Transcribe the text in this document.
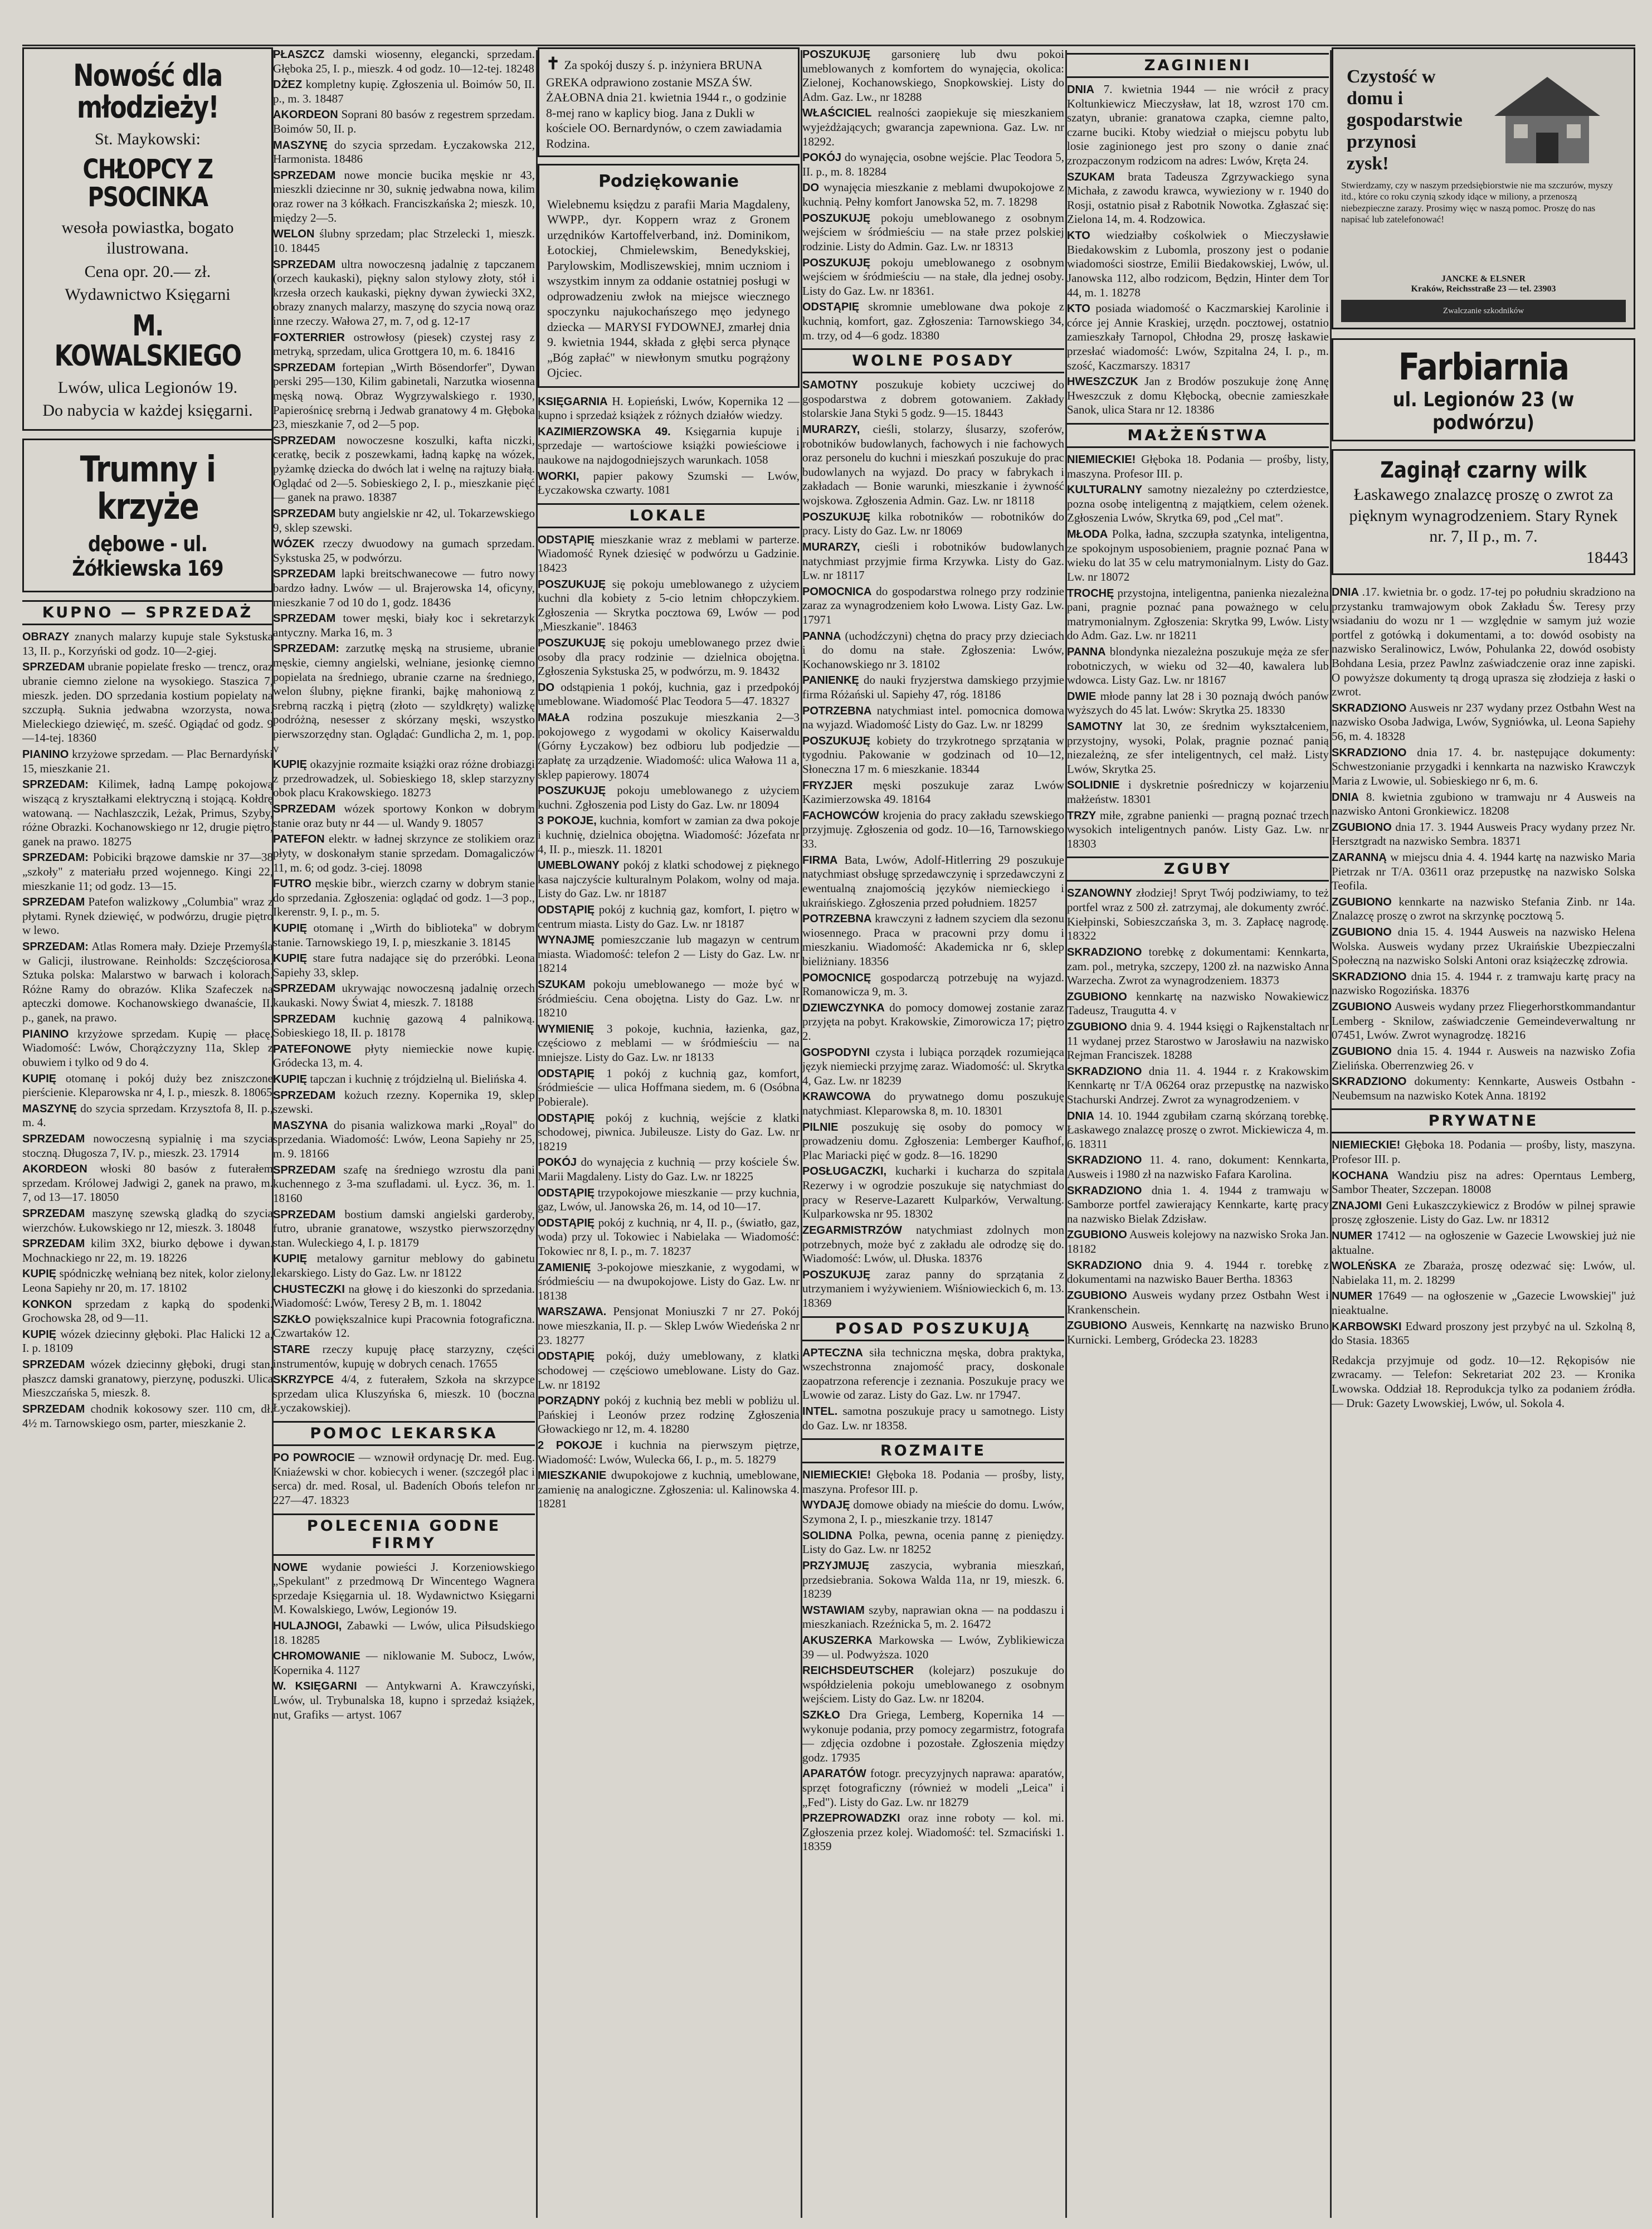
Nowość dla młodzieży!
St. Maykowski:
CHŁOPCY Z PSOCINKA
wesoła powiastka, bogato ilustrowana.
Cena opr. 20.— zł.
Wydawnictwo Księgarni
M. KOWALSKIEGO
Lwów, ulica Legionów 19.
Do nabycia w każdej księgarni.
Trumny i krzyże
dębowe - ul. Żółkiewska 169
KUPNO — SPRZEDAŻ

OBRAZY znanych malarzy kupuje stale Sykstuska 13, II. p., Korzyński od godz. 10—2-giej.

SPRZEDAM ubranie popielate fresko — trencz, oraz ubranie ciemno zielone na wysokiego. Staszica 7, mieszk. jeden. DO sprzedania kostium popielaty na szczupłą. Suknia jedwabna wzorzysta, nowa. Mieleckiego dziewięć, m. sześć. Ogiądać od godz. 9—14-tej. 18360

PIANINO krzyżowe sprzedam. — Plac Bernardyński 15, mieszkanie 21.

SPRZEDAM: Kilimek, ładną Lampę pokojową wiszącą z kryształkami elektryczną i stojącą. Kołdrę watowaną. — Nachlaszczik, Leżak, Primus, Szyby, różne Obrazki. Kochanowskiego nr 12, drugie piętro, ganek na prawo. 18275

SPRZEDAM: Pobiciki brązowe damskie nr 37—38 „szkoły" z materiału przed wojennego. Kingi 22, mieszkanie 11; od godz. 13—15.

SPRZEDAM Patefon walizkowy „Columbia" wraz z płytami. Rynek dziewięć, w podwórzu, drugie piętro w lewo.

SPRZEDAM: Atlas Romera mały. Dzieje Przemyśla w Galicji, ilustrowane. Reinholds: Szczęściorosa. Sztuka polska: Malarstwo w barwach i kolorach. Różne Ramy do obrazów. Klika Szafeczek na apteczki domowe. Kochanowskiego dwanaście, II. p., ganek, na prawo.

PIANINO krzyżowe sprzedam. Kupię — płacę. Wiadomość: Lwów, Chorążczyzny 11a, Sklep z obuwiem i tylko od 9 do 4.

KUPIĘ otomanę i pokój duży bez zniszczone pierścienie. Kleparowska nr 4, I. p., mieszk. 8. 18065

MASZYNĘ do szycia sprzedam. Krzysztofa 8, II. p., m. 4.

SPRZEDAM nowoczesną sypialnię i ma szycia stoczną. Długosza 7, IV. p., mieszk. 23. 17914

AKORDEON włoski 80 basów z futerałem sprzedam. Królowej Jadwigi 2, ganek na prawo, m. 7, od 13—17. 18050

SPRZEDAM maszynę szewską gladką do szycia wierzchów. Łukowskiego nr 12, mieszk. 3. 18048

SPRZEDAM kilim 3X2, biurko dębowe i dywan. Mochnackiego nr 22, m. 19. 18226

KUPIĘ spódniczkę wełnianą bez nitek, kolor zielony. Leona Sapiehy nr 20, m. 17. 18102

KONKON sprzedam z kapką do spodenki. Grochowska 28, od 9—11.

KUPIĘ wózek dziecinny głęboki. Plac Halicki 12 a, I. p. 18109

SPRZEDAM wózek dziecinny głęboki, drugi stan, płaszcz damski granatowy, pierzynę, poduszki. Ulica Mieszczańska 5, mieszk. 8.

SPRZEDAM chodnik kokosowy szer. 110 cm, dł. 4½ m. Tarnowskiego osm, parter, mieszkanie 2.

PŁASZCZ damski wiosenny, elegancki, sprzedam. Głęboka 25, I. p., mieszk. 4 od godz. 10—12-tej. 18248

DŻEZ kompletny kupię. Zgłoszenia ul. Boimów 50, II. p., m. 3. 18487

AKORDEON Soprani 80 basów z regestrem sprzedam. Boimów 50, II. p.

MASZYNĘ do szycia sprzedam. Łyczakowska 212, Harmonista. 18486

SPRZEDAM nowe moncie bucika męskie nr 43, mieszkli dziecinne nr 30, suknię jedwabna nowa, kilim oraz rower na 3 kółkach. Franciszkańska 2; mieszk. 10, między 2—5.

WELON ślubny sprzedam; plac Strzelecki 1, mieszk. 10. 18445

SPRZEDAM ultra nowoczesną jadalnię z tapczanem (orzech kaukaski), piękny salon stylowy złoty, stół i krzesła orzech kaukaski, piękny dywan żywiecki 3X2, obrazy znanych malarzy, maszynę do szycia nową oraz inne rzeczy. Wałowa 27, m. 7, od g. 12-17

FOXTERRIER ostrowłosy (piesek) czystej rasy z metryką, sprzedam, ulica Grottgera 10, m. 6. 18416

SPRZEDAM fortepian „Wirth Bösendorfer", Dywan perski 295—130, Kilim gabinetali, Narzutka wiosenna męską nową. Obraz Wygrzywalskiego r. 1930, Papierośnicę srebrną i Jedwab granatowy 4 m. Głęboka 23, mieszkanie 7, od 2—5 pop.

SPRZEDAM nowoczesne koszulki, kafta niczki, ceratkę, becik z poszewkami, ładną kapkę na wózek, pyżamkę dziecka do dwóch lat i welnę na rajtuzy białą. Oglądać od 2—5. Sobieskiego 2, I. p., mieszkanie pięć — ganek na prawo. 18387

SPRZEDAM buty angielskie nr 42, ul. Tokarzewskiego 9, sklep szewski.

WÓZEK rzeczy dwuodowy na gumach sprzedam. Sykstuska 25, w podwórzu.

SPRZEDAM lapki breitschwanecowe — futro nowy bardzo ładny. Lwów — ul. Brajerowska 14, oficyny, mieszkanie 7 od 10 do 1, godz. 18436

SPRZEDAM tower męski, biały koc i sekretarzyk antyczny. Marka 16, m. 3

SPRZEDAM: zarzutkę męską na strusieme, ubranie męskie, ciemny angielski, welniane, jesionkę ciemno popielata na średniego, ubranie czarne na średniego, welon ślubny, piękne firanki, bajkę mahoniową z srebrną raczką i piętrą (złoto — szyldkręty) walizkę podróżną, nesesser z skórzany męski, wszystko pierwszorzędny stan. Oglądać: Gundlicha 2, m. 1, pop. v

KUPIĘ okazyjnie rozmaite książki oraz różne drobiazgi z przedrowadzek, ul. Sobieskiego 18, sklep starzyzny obok placu Krakowskiego. 18273

SPRZEDAM wózek sportowy Konkon w dobrym stanie oraz buty nr 44 — ul. Wandy 9. 18057

PATEFON elektr. w ładnej skrzynce ze stolikiem oraz płyty, w doskonałym stanie sprzedam. Domagaliczów 11, m. 6; od godz. 3-ciej. 18098

FUTRO męskie bibr., wierzch czarny w dobrym stanie do sprzedania. Zgłoszenia: oglądać od godz. 1—3 pop., Ikerenstr. 9, I. p., m. 5.

KUPIĘ otomanę i „Wirth do biblioteka" w dobrym stanie. Tarnowskiego 19, I. p, mieszkanie 3. 18145

KUPIĘ stare futra nadające się do przeróbki. Leona Sapiehy 33, sklep.

SPRZEDAM ukrywając nowoczesną jadalnię orzech kaukaski. Nowy Świat 4, mieszk. 7. 18188

SPRZEDAM kuchnię gazową 4 palnikową. Sobieskiego 18, II. p. 18178

PATEFONOWE płyty niemieckie nowe kupię. Gródecka 13, m. 4.

KUPIĘ tapczan i kuchnię z trójdzielną ul. Bielińska 4.

SPRZEDAM kożuch rzezny. Kopernika 19, sklep szewski.

MASZYNA do pisania walizkowa marki „Royal" do sprzedania. Wiadomość: Lwów, Leona Sapiehy nr 25, m. 9. 18166

SPRZEDAM szafę na średniego wzrostu dla pani kuchennego z 3-ma szufladami. ul. Łycz. 36, m. 1. 18160

SPRZEDAM bostium damski angielski garderoby, futro, ubranie granatowe, wszystko pierwszorzędny stan. Wuleckiego 4, I. p. 18179

KUPIĘ metalowy garnitur meblowy do gabinetu lekarskiego. Listy do Gaz. Lw. nr 18122

CHUSTECZKI na głowę i do kieszonki do sprzedania. Wiadomość: Lwów, Teresy 2 B, m. 1. 18042

SZKŁO powiększalnice kupi Pracownia fotograficzna. Czwartaków 12.

STARE rzeczy kupuję płacę starzyzny, części instrumentów, kupuję w dobrych cenach. 17655

SKRZYPCE 4/4, z futerałem, Szkoła na skrzypce sprzedam ulica Kluszyńska 6, mieszk. 10 (boczna Łyczakowskiej).

POMOC LEKARSKA

PO POWROCIE — wznowił ordynację Dr. med. Eug. Kniaźewski w chor. kobiecych i wener. (szczegół plac i serca) dr. med. Rosal, ul. Badeních Obońs telefon nr 227—47. 18323

POLECENIA GODNE FIRMY

NOWE wydanie powieści J. Korzeniowskiego „Spekulant" z przedmową Dr Wincentego Wagnera sprzedaje Księgarnia ul. 18. Wydawnictwo Księgarni M. Kowalskiego, Lwów, Legionów 19.

HULAJNOGI, Zabawki — Lwów, ulica Piłsudskiego 18. 18285

CHROMOWANIE — niklowanie M. Subocz, Lwów, Kopernika 4. 1127

W. KSIĘGARNI — Antykwarni A. Krawczyński, Lwów, ul. Trybunalska 18, kupno i sprzedaż książek, nut, Grafiks — artyst. 1067

✝ Za spokój duszy ś. p. inżyniera BRUNA GREKA odprawiono zostanie MSZA ŚW. ŻAŁOBNA dnia 21. kwietnia 1944 r., o godzinie 8-mej rano w kaplicy biog. Jana z Dukli w kościele OO. Bernardynów, o czem zawiadamia Rodzina.
Podziękowanie
Wielebnemu księdzu z parafii Maria Magdaleny, WWPP., dyr. Koppern wraz z Gronem urzędników Kartoffelverband, inż. Dominikom, Łotockiej, Chmielewskim, Benedykskiej, Parylowskim, Modliszewskiej, mnim uczniom i wszystkim innym za oddanie ostatniej posługi w odprowadzeniu zwłok na miejsce wiecznego spoczynku najukochańszego męo jedynego dziecka — MARYSI FYDOWNEJ, zmarłej dnia 9. kwietnia 1944, składa z głębi serca płynące „Bóg zapłać" w niewłonym smutku pogrążony Ojciec.

KSIĘGARNIA H. Łopieński, Lwów, Kopernika 12 — kupno i sprzedaż książek z różnych działów wiedzy.

KAZIMIERZOWSKA 49. Księgarnia kupuje i sprzedaje — wartościowe książki powieściowe i naukowe na najdogodniejszych warunkach. 1058

WORKI, papier pakowy Szumski — Lwów, Łyczakowska czwarty. 1081

LOKALE

ODSTĄPIĘ mieszkanie wraz z meblami w parterze. Wiadomość Rynek dziesięć w podwórzu u Gadzinie. 18423

POSZUKUJĘ się pokoju umeblowanego z użyciem kuchni dla kobiety z 5-cio letnim chłopczykiem. Zgłoszenia — Skrytka pocztowa 69, Lwów — pod „Mieszkanie". 18463

POSZUKUJĘ się pokoju umeblowanego przez dwie osoby dla pracy rodzinie — dzielnica obojętna. Zgłoszenia Sykstuska 25, w podwórzu, m. 9. 18432

DO odstąpienia 1 pokój, kuchnia, gaz i przedpokój umeblowane. Wiadomość Plac Teodora 5—47. 18327

MAŁA rodzina poszukuje mieszkania 2—3 pokojowego z wygodami w okolicy Kaiserwaldu (Górny Łyczakow) bez odbioru lub podjedzie — zapłatę za urządzenie. Wiadomość: ulica Wałowa 11 a, sklep papierowy. 18074

POSZUKUJĘ pokoju umeblowanego z użyciem kuchni. Zgłoszenia pod Listy do Gaz. Lw. nr 18094

3 POKOJE, kuchnia, komfort w zamian za dwa pokoje i kuchnię, dzielnica obojętna. Wiadomość: Józefata nr 4, II. p., mieszk. 11. 18201

UMEBLOWANY pokój z klatki schodowej z pięknego kasa najczyście kulturalnym Polakom, wolny od maja. Listy do Gaz. Lw. nr 18187

ODSTĄPIĘ pokój z kuchnią gaz, komfort, I. piętro w centrum miasta. Listy do Gaz. Lw. nr 18187

WYNAJMĘ pomieszczanie lub magazyn w centrum miasta. Wiadomość: telefon 2 — Listy do Gaz. Lw. nr 18214

SZUKAM pokoju umeblowanego — może być w śródmieściu. Cena obojętna. Listy do Gaz. Lw. nr 18210

WYMIENIĘ 3 pokoje, kuchnia, łazienka, gaz, częściowo z meblami — w śródmieściu — na mniejsze. Listy do Gaz. Lw. nr 18133

ODSTĄPIĘ 1 pokój z kuchnią gaz, komfort, śródmieście — ulica Hoffmana siedem, m. 6 (Osóbna Pobierale).

ODSTĄPIĘ pokój z kuchnią, wejście z klatki schodowej, piwnica. Jubileusze. Listy do Gaz. Lw. nr 18219

POKÓJ do wynajęcia z kuchnią — przy kościele Św. Marii Magdaleny. Listy do Gaz. Lw. nr 18225

ODSTĄPIĘ trzypokojowe mieszkanie — przy kuchnia, gaz, Lwów, ul. Janowska 26, m. 14, od 10—17.

ODSTĄPIĘ pokój z kuchnią, nr 4, II. p., (światło, gaz, woda) przy ul. Tokowiec i Nabielaka — Wiadomość: Tokowiec nr 8, I. p., m. 7. 18237

ZAMIENIĘ 3-pokojowe mieszkanie, z wygodami, w śródmieściu — na dwupokojowe. Listy do Gaz. Lw. nr 18138

WARSZAWA. Pensjonat Moniuszki 7 nr 27. Pokój nowe mieszkania, II. p. — Sklep Lwów Wiedeńska 2 nr 23. 18277

ODSTĄPIĘ pokój, duży umeblowany, z klatki schodowej — częściowo umeblowane. Listy do Gaz. Lw. nr 18192

PORZĄDNY pokój z kuchnią bez mebli w pobliżu ul. Pańskiej i Leonów przez rodzinę Zgłoszenia Głowackiego nr 12, m. 4. 18280

2 POKOJE i kuchnia na pierwszym piętrze, Wiadomość: Lwów, Wulecka 66, I. p., m. 5. 18279

MIESZKANIE dwupokojowe z kuchnią, umeblowane, zamienię na analogiczne. Zgłoszenia: ul. Kalinowska 4. 18281

POSZUKUJĘ garsonierę lub dwu pokoi umeblowanych z komfortem do wynajęcia, okolica: Zielonej, Kochanowskiego, Snopkowskiej. Listy do Adm. Gaz. Lw., nr 18288

WŁAŚCICIEL realności zaopiekuje się mieszkaniem wyjeżdżających; gwarancja zapewniona. Gaz. Lw. nr 18292.

POKÓJ do wynajęcia, osobne wejście. Plac Teodora 5, II. p., m. 8. 18284

DO wynajęcia mieszkanie z meblami dwupokojowe z kuchnią. Pełny komfort Janowska 52, m. 7. 18298

POSZUKUJĘ pokoju umeblowanego z osobnym wejściem w śródmieściu — na stałe przez polskiej rodzinie. Listy do Admin. Gaz. Lw. nr 18313

POSZUKUJĘ pokoju umeblowanego z osobnym wejściem w śródmieściu — na stałe, dla jednej osoby. Listy do Gaz. Lw. nr 18361.

ODSTĄPIĘ skromnie umeblowane dwa pokoje z kuchnią, komfort, gaz. Zgłoszenia: Tarnowskiego 34, m. trzy, od 4—6 godz. 18380

WOLNE POSADY

SAMOTNY poszukuje kobiety uczciwej do gospodarstwa z dobrem gotowaniem. Zakłady stolarskie Jana Styki 5 godz. 9—15. 18443

MURARZY, cieśli, stolarzy, ślusarzy, szoferów, robotników budowlanych, fachowych i nie fachowych oraz personelu do kuchni i mieszkań poszukuje do prac budowlanych na wyjazd. Do pracy w fabrykach i zakładach — Bonie warunki, mieszkanie i żywność wojskowa. Zgłoszenia Admin. Gaz. Lw. nr 18118

POSZUKUJĘ kilka robotników — robotników do pracy. Listy do Gaz. Lw. nr 18069

MURARZY, cieśli i robotników budowlanych natychmiast przyjmie firma Krzywka. Listy do Gaz. Lw. nr 18117

POMOCNICA do gospodarstwa rolnego przy rodzinie zaraz za wynagrodzeniem koło Lwowa. Listy Gaz. Lw. 17971

PANNA (uchodźczyni) chętna do pracy przy dzieciach i do domu na stałe. Zgłoszenia: Lwów, Kochanowskiego nr 3. 18102

PANIENKĘ do nauki fryzjerstwa damskiego przyjmie firma Różański ul. Sapiehy 47, róg. 18186

POTRZEBNA natychmiast intel. pomocnica domowa na wyjazd. Wiadomość Listy do Gaz. Lw. nr 18299

POSZUKUJĘ kobiety do trzykrotnego sprzątania w tygodniu. Pakowanie w godzinach od 10—12, Słoneczna 17 m. 6 mieszkanie. 18344

FRYZJER męski poszukuje zaraz Lwów Kazimierzowska 49. 18164

FACHOWCÓW krojenia do pracy zakładu szewskiego przyjmuję. Zgłoszenia od godz. 10—16, Tarnowskiego 33.

FIRMA Bata, Lwów, Adolf-Hitlerring 29 poszukuje natychmiast obsługę sprzedawczynię i sprzedawczyni z ewentualną znajomością języków niemieckiego i ukraińskiego. Zgłoszenia przed południem. 18257

POTRZEBNA krawczyni z ładnem szyciem dla sezonu wiosennego. Praca w pracowni przy domu i mieszkaniu. Wiadomość: Akademicka nr 6, sklep bieliżniany. 18356

POMOCNICĘ gospodarczą potrzebuję na wyjazd. Romanowicza 9, m. 3.

DZIEWCZYNKA do pomocy domowej zostanie zaraz przyjęta na pobyt. Krakowskie, Zimorowicza 17; piętro 2.

GOSPODYNI czysta i lubiąca porządek rozumiejąca język niemiecki przyjmę zaraz. Wiadomość: ul. Skrytka 4, Gaz. Lw. nr 18239

KRAWCOWA do prywatnego domu poszukuję natychmiast. Kleparowska 8, m. 10. 18301

PILNIE poszukuję się osoby do pomocy w prowadzeniu domu. Zgłoszenia: Lemberger Kaufhof, Plac Mariacki pięć w godz. 8—16. 18290

POSŁUGACZKI, kucharki i kucharza do szpitala Rezerwy i w ogrodzie poszukuje się natychmiast do pracy w Reserve-Lazarett Kulparków, Verwaltung. Kulparkowska nr 95. 18302

ZEGARMISTRZÓW natychmiast zdolnych mon potrzebnych, może być z zakładu ale odrodzę się do. Wiadomość: Lwów, ul. Dłuska. 18376

POSZUKUJĘ zaraz panny do sprzątania z utrzymaniem i wyżywieniem. Wiśniowieckich 6, m. 13. 18369

POSAD POSZUKUJĄ

APTECZNA siła techniczna męska, dobra praktyka, wszechstronna znajomość pracy, doskonale zaopatrzona referencje i zeznania. Poszukuje pracy we Lwowie od zaraz. Listy do Gaz. Lw. nr 17947.

INTEL. samotna poszukuje pracy u samotnego. Listy do Gaz. Lw. nr 18358.

ROZMAITE

NIEMIECKIE! Głęboka 18. Podania — prośby, listy, maszyna. Profesor III. p.

WYDAJĘ domowe obiady na mieście do domu. Lwów, Szymona 2, I. p., mieszkanie trzy. 18147

SOLIDNA Polka, pewna, ocenia pannę z pieniędzy. Listy do Gaz. Lw. nr 18252

PRZYJMUJĘ zaszycia, wybrania mieszkań, przedsiebrania. Sokowa Walda 11a, nr 19, mieszk. 6. 18239

WSTAWIAM szyby, naprawian okna — na poddaszu i mieszkaniach. Rzeźnicka 5, m. 2. 16472

AKUSZERKA Markowska — Lwów, Zyblikiewicza 39 — ul. Podwyższa. 1020

REICHSDEUTSCHER (kolejarz) poszukuje do współdzielenia pokoju umeblowanego z osobnym wejściem. Listy do Gaz. Lw. nr 18204.

SZKŁO Dra Griega, Lemberg, Kopernika 14 — wykonuje podania, przy pomocy zegarmistrz, fotografa — zdjęcia ozdobne i pozostałe. Zgłoszenia między godz. 17935

APARATÓW fotogr. precyzyjnych naprawa: aparatów, sprzęt fotograficzny (również w modeli „Leica" i „Fed"). Listy do Gaz. Lw. nr 18279

PRZEPROWADZKI oraz inne roboty — kol. mi. Zgłoszenia przez kolej. Wiadomość: tel. Szmaciński 1. 18359

ZAGINIENI

DNIA 7. kwietnia 1944 — nie wrócił z pracy Koltunkiewicz Mieczysław, lat 18, wzrost 170 cm. szatyn, ubranie: granatowa czapka, ciemne palto, czarne buciki. Ktoby wiedział o miejscu pobytu lub losie zaginionego jest pro szony o danie znać zrozpaczonym rodzicom na adres: Lwów, Kręta 24.

SZUKAM brata Tadeusza Zgrzywackiego syna Michała, z zawodu krawca, wywieziony w r. 1940 do Rosji, ostatnio pisał z Rabotnik Nowotka. Zgłaszać się: Zielona 14, m. 4. Rodzowica.

KTO wiedziałby cośkolwiek o Mieczysławie Biedakowskim z Lubomla, proszony jest o podanie wiadomości siostrze, Emilii Biedakowskiej, Lwów, ul. Janowska 112, albo rodzicom, Będzin, Hinter dem Tor 44, m. 1. 18278

KTO posiada wiadomość o Kaczmarskiej Karolinie i córce jej Annie Kraskiej, urzędn. pocztowej, ostatnio zamieszkały Tarnopol, Chłodna 29, proszę łaskawie przesłać wiadomość: Lwów, Szpitalna 24, I. p., m. szość, Kaczmarszy. 18317

HWESZCZUK Jan z Brodów poszukuje żonę Annę Hweszczuk z domu Kłębocką, obecnie zamieszkałe Sanok, ulica Stara nr 12. 18386

MAŁŻEŃSTWA

NIEMIECKIE! Głęboka 18. Podania — prośby, listy, maszyna. Profesor III. p.

KULTURALNY samotny niezależny po czterdziestce, pozna osobę inteligentną z majątkiem, celem ożenek. Zgłoszenia Lwów, Skrytka 69, pod „Cel mat".

MŁODA Polka, ładna, szczupła szatynka, inteligentna, ze spokojnym usposobieniem, pragnie poznać Pana w wieku do lat 35 w celu matrymonialnym. Listy do Gaz. Lw. nr 18072

TROCHĘ przystojna, inteligentna, panienka niezależna pani, pragnie poznać pana poważnego w celu matrymonialnym. Zgłoszenia: Skrytka 99, Lwów. Listy do Adm. Gaz. Lw. nr 18211

PANNA blondynka niezależna poszukuje męża ze sfer robotniczych, w wieku od 32—40, kawalera lub wdowca. Listy Gaz. Lw. nr 18167

DWIE młode panny lat 28 i 30 poznają dwóch panów wyższych do 45 lat. Lwów: Skrytka 25. 18330

SAMOTNY lat 30, ze średnim wykształceniem, przystojny, wysoki, Polak, pragnie poznać panią niezależną, ze sfer inteligentnych, cel małż. Listy Lwów, Skrytka 25.

SOLIDNIE i dyskretnie pośredniczy w kojarzeniu małżeństw. 18301

TRZY miłe, zgrabne panienki — pragną poznać trzech wysokich inteligentnych panów. Listy Gaz. Lw. nr 18303

ZGUBY

SZANOWNY złodziej! Spryt Twój podziwiamy, to też portfel wraz z 500 zł. zatrzymaj, ale dokumenty zwróć. Kiełpinski, Sobieszczańska 3, m. 3. Zapłacę nagrodę. 18322

SKRADZIONO torebkę z dokumentami: Kennkarta, zam. pol., metryka, szczepy, 1200 zł. na nazwisko Anna Warzecha. Zwrot za wynagrodzeniem. 18373

ZGUBIONO kennkartę na nazwisko Nowakiewicz Tadeusz, Traugutta 4. v

ZGUBIONO dnia 9. 4. 1944 księgi o Rajkenstaltach nr 11 wydanej przez Starostwo w Jarosławiu na nazwisko Rejman Franciszek. 18288

SKRADZIONO dnia 11. 4. 1944 r. z Krakowskim Kennkartę nr T/A 06264 oraz przepustkę na nazwisko Stachurski Andrzej. Zwrot za wynagrodzeniem. v

DNIA 14. 10. 1944 zgubiłam czarną skórzaną torebkę. Łaskawego znalazcę proszę o zwrot. Mickiewicza 4, m. 6. 18311

SKRADZIONO 11. 4. rano, dokument: Kennkarta, Ausweis i 1980 zł na nazwisko Fafara Karolina.

SKRADZIONO dnia 1. 4. 1944 z tramwaju w Samborze portfel zawierający Kennkarte, kartę pracy na nazwisko Bielak Zdzisław.

ZGUBIONO Ausweis kolejowy na nazwisko Sroka Jan. 18182

SKRADZIONO dnia 9. 4. 1944 r. torebkę z dokumentami na nazwisko Bauer Bertha. 18363

ZGUBIONO Ausweis wydany przez Ostbahn West i Krankenschein.

ZGUBIONO Ausweis, Kennkartę na nazwisko Bruno Kurnicki. Lemberg, Gródecka 23. 18283

Czystość w domu i gospodarstwie przynosi zysk!
Stwierdzamy, czy w naszym przedsiębiorstwie nie ma szczurów, myszy itd., które co roku czynią szkody idące w miliony, a przenoszą niebezpieczne zarazy. Prosimy więc w naszą pomoc. Proszę do nas napisać lub zatelefonować!
JANCKE & ELSNER
Kraków, Reichsstraße 23 — tel. 23903
Zwalczanie szkodników
Farbiarnia
ul. Legionów 23 (w podwórzu)
Zaginął czarny wilk
Łaskawego znalazcę proszę o zwrot za pięknym wynagrodzeniem. Stary Rynek nr. 7, II p., m. 7.
18443

DNIA .17. kwietnia br. o godz. 17-tej po południu skradziono na przystanku tramwajowym obok Zakładu Św. Teresy przy wsiadaniu do wozu nr 1 — względnie w samym już wozie portfel z gotówką i dokumentami, a to: dowód osobisty na nazwisko Seralinowicz, Lwów, Pohulanka 22, dowód osobisty Bohdana Lesia, przez Pawlnz zaświadczenie oraz inne zapiski. O powyższe dokumenty tą drogą uprasza się złodzieja z łaski o zwrot.

SKRADZIONO Ausweis nr 237 wydany przez Ostbahn West na nazwisko Osoba Jadwiga, Lwów, Sygniówka, ul. Leona Sapiehy 56, m. 4. 18328

SKRADZIONO dnia 17. 4. br. następujące dokumenty: Schwestzonianie przygadki i kennkarta na nazwisko Krawczyk Maria z Lwowie, ul. Sobieskiego nr 6, m. 6.

DNIA 8. kwietnia zgubiono w tramwaju nr 4 Ausweis na nazwisko Antoni Gronkiewicz. 18208

ZGUBIONO dnia 17. 3. 1944 Ausweis Pracy wydany przez Nr. Hersztgradt na nazwisko Sembra. 18371

ZARANNĄ w miejscu dnia 4. 4. 1944 kartę na nazwisko Maria Pietrzak nr T/A. 03611 oraz przepustkę na nazwisko Solska Teofila.

ZGUBIONO kennkarte na nazwisko Stefania Zinb. nr 14a. Znalazcę proszę o zwrot na skrzynkę pocztową 5.

ZGUBIONO dnia 15. 4. 1944 Ausweis na nazwisko Helena Wolska. Ausweis wydany przez Ukraińskie Ubezpieczalni Społeczną na nazwisko Solski Antoni oraz książeczkę zdrowia.

SKRADZIONO dnia 15. 4. 1944 r. z tramwaju kartę pracy na nazwisko Rogozińska. 18376

ZGUBIONO Ausweis wydany przez Fliegerhorstkommandantur Lemberg - Sknilow, zaświadczenie Gemeindeverwaltung nr 07451, Lwów. Zwrot wynagrodzę. 18216

ZGUBIONO dnia 15. 4. 1944 r. Ausweis na nazwisko Zofia Zielińska. Oberrenzwieg 26. v

SKRADZIONO dokumenty: Kennkarte, Ausweis Ostbahn - Neubemsum na nazwisko Kotek Anna. 18192

PRYWATNE

NIEMIECKIE! Głęboka 18. Podania — prośby, listy, maszyna. Profesor III. p.

KOCHANA Wandziu pisz na adres: Operntaus Lemberg, Sambor Theater, Szczepan. 18008

ZNAJOMI Geni Łukaszczykiewicz z Brodów w pilnej sprawie proszę zgłoszenie. Listy do Gaz. Lw. nr 18312

NUMER 17412 — na ogłoszenie w Gazecie Lwowskiej już nie aktualne.

WOLEŃSKA ze Zbaraża, proszę odezwać się: Lwów, ul. Nabielaka 11, m. 2. 18299

NUMER 17649 — na ogłoszenie w „Gazecie Lwowskiej" już nieaktualne.

KARBOWSKI Edward proszony jest przybyć na ul. Szkolną 8, do Stasia. 18365

Redakcja przyjmuje od godz. 10—12. Rękopisów nie zwracamy. — Telefon: Sekretariat 202 23. — Kronika Lwowska. Oddział 18. Reprodukcja tylko za podaniem źródła. — Druk: Gazety Lwowskiej, Lwów, ul. Sokola 4.
